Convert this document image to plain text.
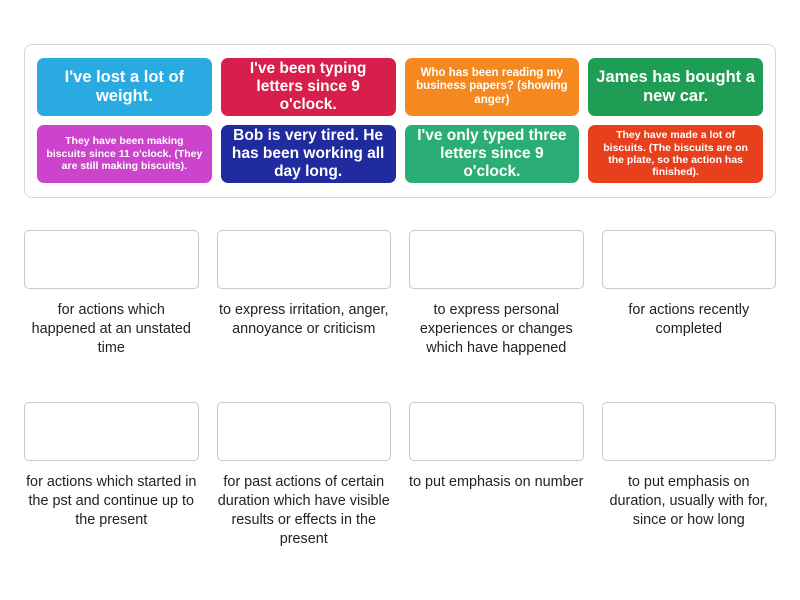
I've lost a lot of weight.
I've been typing letters since 9 o'clock.
Who has been reading my business papers? (showing anger)
James has bought a new car.
They have been making biscuits since 11 o'clock. (They are still making biscuits).
Bob is very tired. He has been working all day long.
I've only typed three letters since 9 o'clock.
They have made a lot of biscuits. (The biscuits are on the plate, so the action has finished).
for actions which happened at an unstated time
to express irritation, anger, annoyance or criticism
to express personal experiences or changes which have happened
for actions recently completed
for actions which started in the pst and continue up to the present
for past actions of certain duration which have visible results or effects in the present
to put emphasis on number	to put emphasis on duration, usually with for, since or how long
